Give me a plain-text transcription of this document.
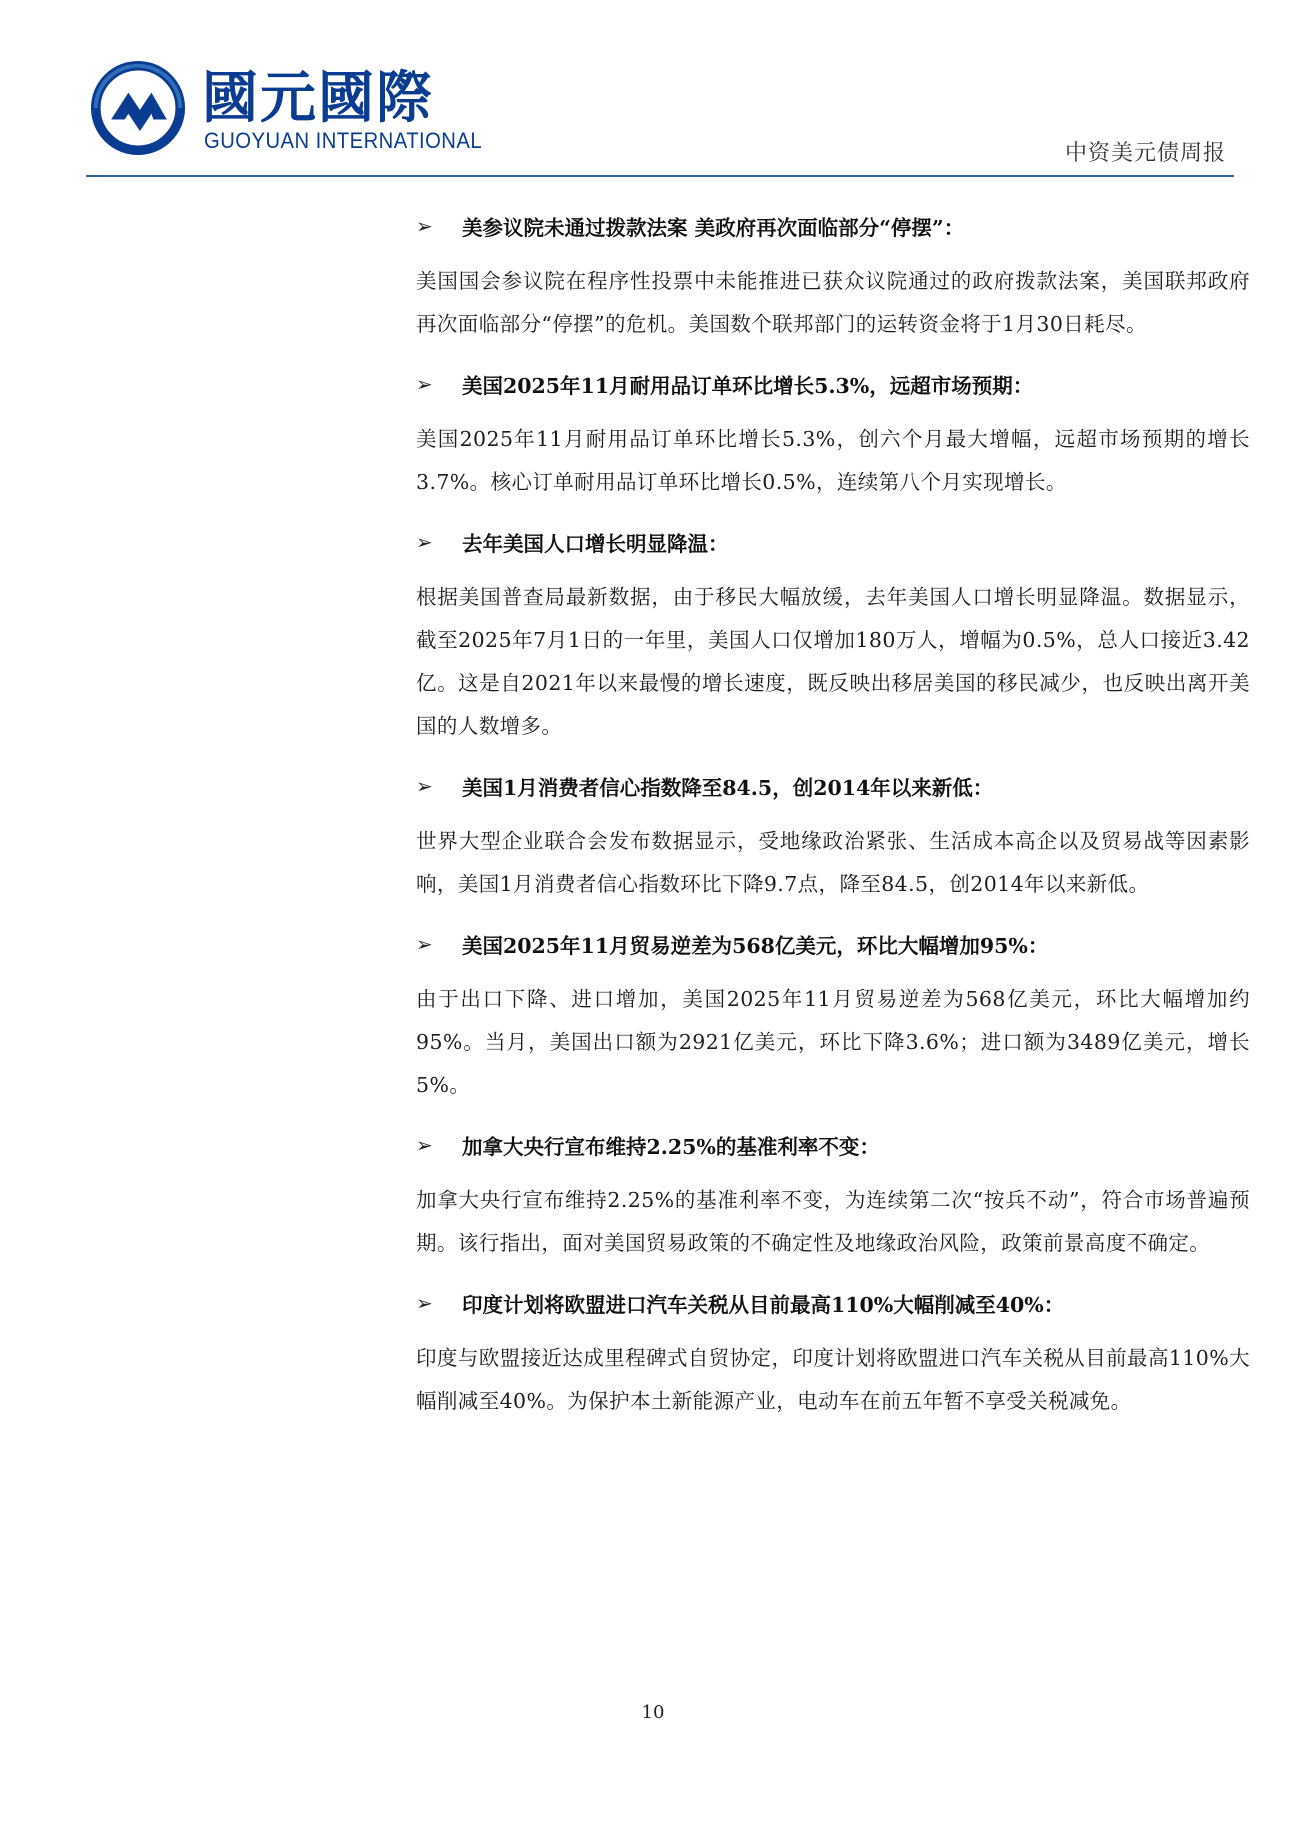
國元國際
GUOYUAN INTERNATIONAL
中资美元债周报
➢	美参议院未通过拨款法案 美政府再次面临部分“停摆”：

美国国会参议院在程序性投票中未能推进已获众议院通过的政府拨款法案，美国联邦政府再次面临部分“停摆”的危机。美国数个联邦部门的运转资金将于1月30日耗尽。

➢	美国2025年11月耐用品订单环比增长5.3%，远超市场预期：

美国2025年11月耐用品订单环比增长5.3%，创六个月最大增幅，远超市场预期的增长3.7%。核心订单耐用品订单环比增长0.5%，连续第八个月实现增长。

➢	去年美国人口增长明显降温：

根据美国普查局最新数据，由于移民大幅放缓，去年美国人口增长明显降温。数据显示，截至2025年7月1日的一年里，美国人口仅增加180万人，增幅为0.5%，总人口接近3.42亿。这是自2021年以来最慢的增长速度，既反映出移居美国的移民减少，也反映出离开美国的人数增多。

➢	美国1月消费者信心指数降至84.5，创2014年以来新低：

世界大型企业联合会发布数据显示，受地缘政治紧张、生活成本高企以及贸易战等因素影响，美国1月消费者信心指数环比下降9.7点，降至84.5，创2014年以来新低。

➢	美国2025年11月贸易逆差为568亿美元，环比大幅增加95%：

由于出口下降、进口增加，美国2025年11月贸易逆差为568亿美元，环比大幅增加约95%。当月，美国出口额为2921亿美元，环比下降3.6%；进口额为3489亿美元，增长5%。

➢	加拿大央行宣布维持2.25%的基准利率不变：

加拿大央行宣布维持2.25%的基准利率不变，为连续第二次“按兵不动”，符合市场普遍预期。该行指出，面对美国贸易政策的不确定性及地缘政治风险，政策前景高度不确定。

➢	印度计划将欧盟进口汽车关税从目前最高110%大幅削减至40%：

印度与欧盟接近达成里程碑式自贸协定，印度计划将欧盟进口汽车关税从目前最高110%大幅削减至40%。为保护本土新能源产业，电动车在前五年暂不享受关税减免。

10
